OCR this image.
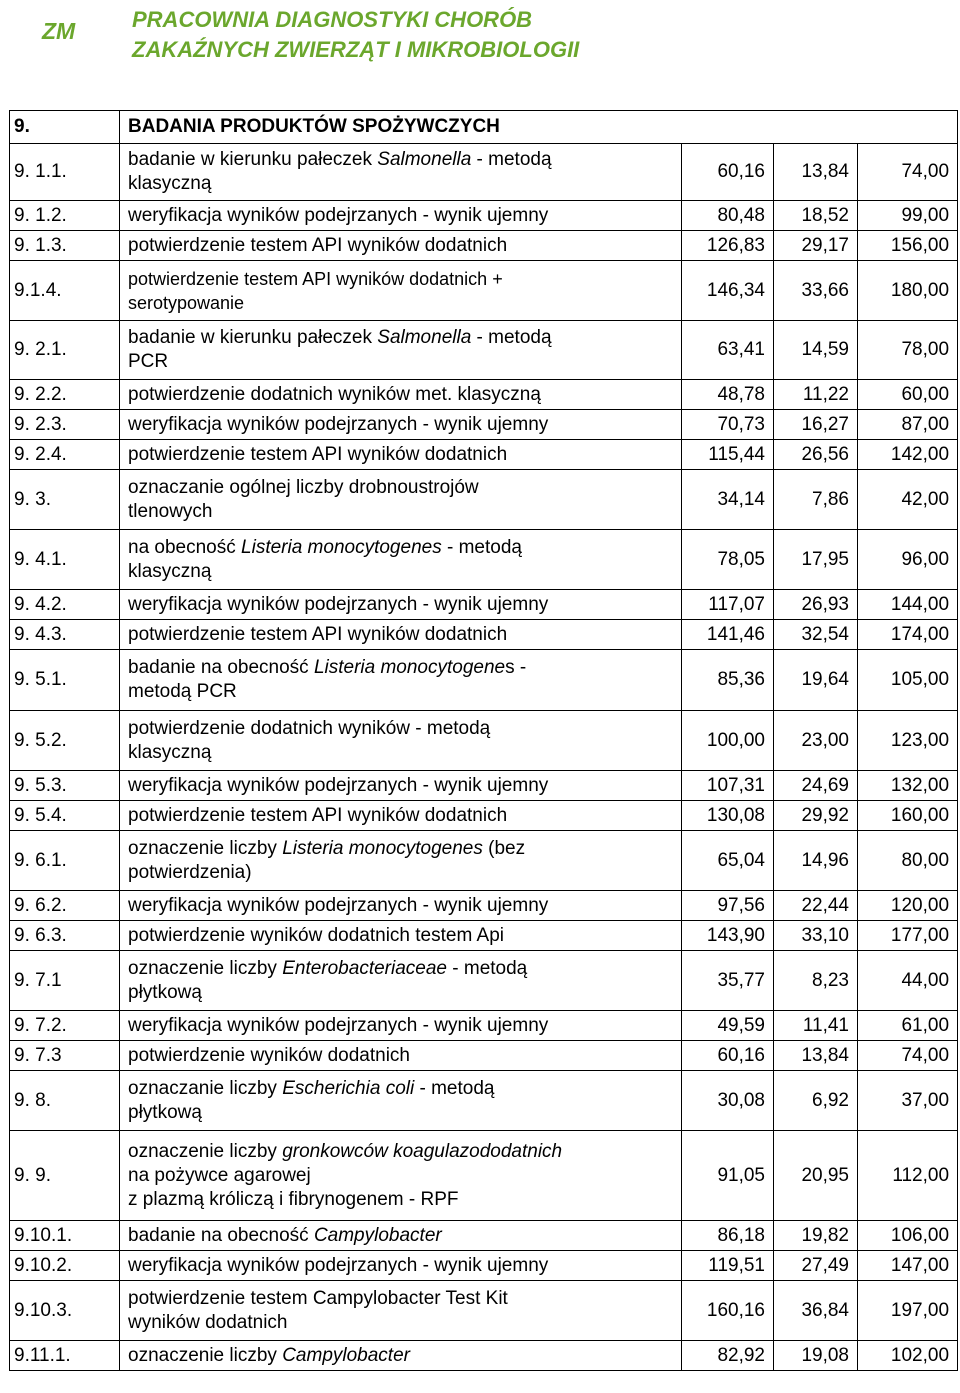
ZM	PRACOWNIA DIAGNOSTYKI CHORÓB
ZAKAŹNYCH ZWIERZĄT I MIKROBIOLOGII
9.	BADANIA PRODUKTÓW SPOŻYWCZYCH			
9. 1.1.	badanie w kierunku pałeczek Salmonella - metodą
klasyczną	60,16	13,84	74,00
9. 1.2.	weryfikacja wyników podejrzanych - wynik ujemny	80,48	18,52	99,00
9. 1.3.	potwierdzenie testem API wyników dodatnich	126,83	29,17	156,00
9.1.4.	potwierdzenie testem API wyników dodatnich +
serotypowanie	146,34	33,66	180,00
9. 2.1.	badanie w kierunku pałeczek Salmonella - metodą
PCR	63,41	14,59	78,00
9. 2.2.	potwierdzenie dodatnich wyników met. klasyczną	48,78	11,22	60,00
9. 2.3.	weryfikacja wyników podejrzanych - wynik ujemny	70,73	16,27	87,00
9. 2.4.	potwierdzenie testem API wyników dodatnich	115,44	26,56	142,00
9. 3.	oznaczanie ogólnej liczby drobnoustrojów
tlenowych	34,14	7,86	42,00
9. 4.1.	na obecność Listeria monocytogenes - metodą
klasyczną	78,05	17,95	96,00
9. 4.2.	weryfikacja wyników podejrzanych - wynik ujemny	117,07	26,93	144,00
9. 4.3.	potwierdzenie testem API wyników dodatnich	141,46	32,54	174,00
9. 5.1.	badanie na obecność Listeria monocytogenes -
metodą PCR	85,36	19,64	105,00
9. 5.2.	potwierdzenie dodatnich wyników - metodą
klasyczną	100,00	23,00	123,00
9. 5.3.	weryfikacja wyników podejrzanych - wynik ujemny	107,31	24,69	132,00
9. 5.4.	potwierdzenie testem API wyników dodatnich	130,08	29,92	160,00
9. 6.1.	oznaczenie liczby Listeria monocytogenes (bez
potwierdzenia)	65,04	14,96	80,00
9. 6.2.	weryfikacja wyników podejrzanych - wynik ujemny	97,56	22,44	120,00
9. 6.3.	potwierdzenie wyników dodatnich testem Api	143,90	33,10	177,00
9. 7.1	oznaczenie liczby Enterobacteriaceae - metodą
płytkową	35,77	8,23	44,00
9. 7.2.	weryfikacja wyników podejrzanych - wynik ujemny	49,59	11,41	61,00
9. 7.3	potwierdzenie wyników dodatnich	60,16	13,84	74,00
9. 8.	oznaczanie liczby Escherichia coli - metodą
płytkową	30,08	6,92	37,00
9. 9.	oznaczenie liczby gronkowców koagulazododatnich
na pożywce agarowej
z plazmą króliczą i fibrynogenem - RPF	91,05	20,95	112,00
9.10.1.	badanie na obecność Campylobacter	86,18	19,82	106,00
9.10.2.	weryfikacja wyników podejrzanych - wynik ujemny	119,51	27,49	147,00
9.10.3.	potwierdzenie testem Campylobacter Test Kit
wyników dodatnich	160,16	36,84	197,00
9.11.1.	oznaczenie liczby Campylobacter	82,92	19,08	102,00
